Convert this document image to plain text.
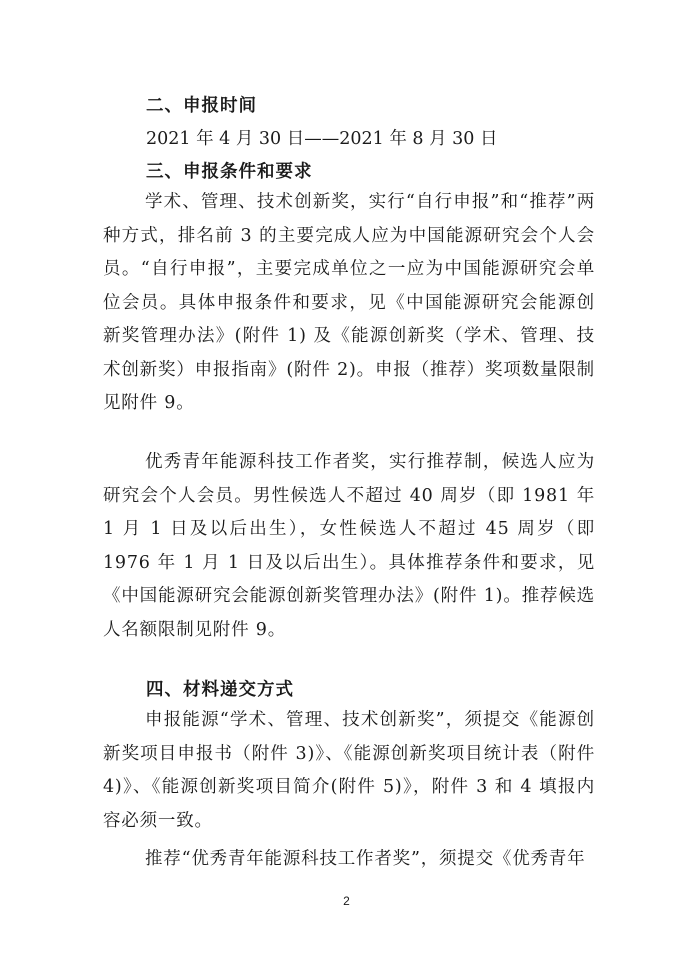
二、申报时间
2021 年 4 月 30 日——2021 年 8 月 30 日
三、申报条件和要求

学术、管理、技术创新奖，实行“自行申报”和“推荐”两种方式，排名前 3 的主要完成人应为中国能源研究会个人会员。“自行申报”，主要完成单位之一应为中国能源研究会单位会员。具体申报条件和要求，见《中国能源研究会能源创新奖管理办法》(附件 1) 及《能源创新奖（学术、管理、技术创新奖）申报指南》(附件 2)。申报（推荐）奖项数量限制见附件 9。

优秀青年能源科技工作者奖，实行推荐制，候选人应为研究会个人会员。男性候选人不超过 40 周岁（即 1981 年 1 月 1 日及以后出生），女性候选人不超过 45 周岁（即 1976 年 1 月 1 日及以后出生）。具体推荐条件和要求，见《中国能源研究会能源创新奖管理办法》(附件 1)。推荐候选人名额限制见附件 9。

四、材料递交方式

申报能源“学术、管理、技术创新奖”，须提交《能源创新奖项目申报书（附件 3)》、《能源创新奖项目统计表（附件 4)》、《能源创新奖项目简介(附件 5)》，附件 3 和 4 填报内容必须一致。

推荐“优秀青年能源科技工作者奖”，须提交《优秀青年

2
